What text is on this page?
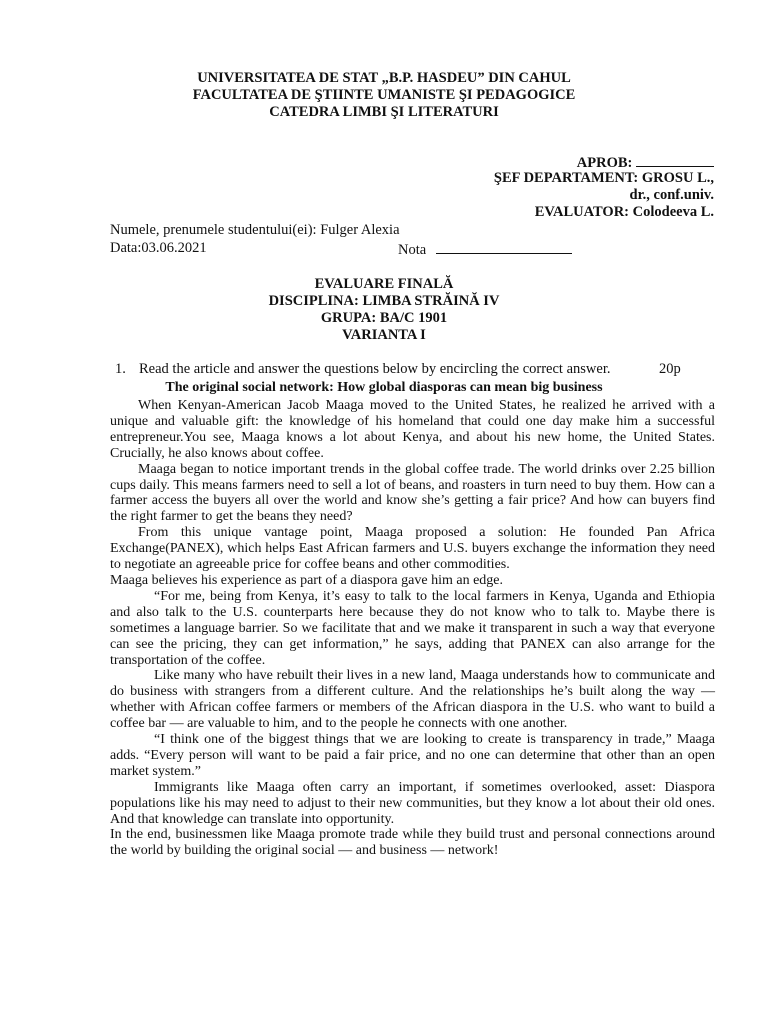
UNIVERSITATEA DE STAT „B.P. HASDEU” DIN CAHUL
FACULTATEA DE ŞTIINTE UMANISTE ŞI PEDAGOGICE
CATEDRA LIMBI ŞI LITERATURI
APROB:
ŞEF DEPARTAMENT: GROSU L.,
dr., conf.univ.
EVALUATOR: Colodeeva L.
Numele, prenumele studentului(ei): Fulger Alexia
Data:03.06.2021	Nota
EVALUARE FINALĂ
DISCIPLINA: LIMBA STRĂINĂ IV
GRUPA: BA/C 1901
VARIANTA I
1. Read the article and answer the questions below by encircling the correct answer.	20p
The original social network: How global diasporas can mean big business

When Kenyan-American Jacob Maaga moved to the United States, he realized he arrived with a unique and valuable gift: the knowledge of his homeland that could one day make him a successful entrepreneur.You see, Maaga knows a lot about Kenya, and about his new home, the United States. Crucially, he also knows about coffee.

Maaga began to notice important trends in the global coffee trade. The world drinks over 2.25 billion cups daily. This means farmers need to sell a lot of beans, and roasters in turn need to buy them. How can a farmer access the buyers all over the world and know she’s getting a fair price? And how can buyers find the right farmer to get the beans they need?

From this unique vantage point, Maaga proposed a solution: He founded Pan Africa Exchange(PANEX), which helps East African farmers and U.S. buyers exchange the information they need to negotiate an agreeable price for coffee beans and other commodities.

Maaga believes his experience as part of a diaspora gave him an edge.

“For me, being from Kenya, it’s easy to talk to the local farmers in Kenya, Uganda and Ethiopia and also talk to the U.S. counterparts here because they do not know who to talk to. Maybe there is sometimes a language barrier. So we facilitate that and we make it transparent in such a way that everyone can see the pricing, they can get information,” he says, adding that PANEX can also arrange for the transportation of the coffee.

Like many who have rebuilt their lives in a new land, Maaga understands how to communicate and do business with strangers from a different culture. And the relationships he’s built along the way — whether with African coffee farmers or members of the African diaspora in the U.S. who want to build a coffee bar — are valuable to him, and to the people he connects with one another.

“I think one of the biggest things that we are looking to create is transparency in trade,” Maaga adds. “Every person will want to be paid a fair price, and no one can determine that other than an open market system.”

Immigrants like Maaga often carry an important, if sometimes overlooked, asset: Diaspora populations like his may need to adjust to their new communities, but they know a lot about their old ones. And that knowledge can translate into opportunity.

In the end, businessmen like Maaga promote trade while they build trust and personal connections around the world by building the original social — and business — network!
